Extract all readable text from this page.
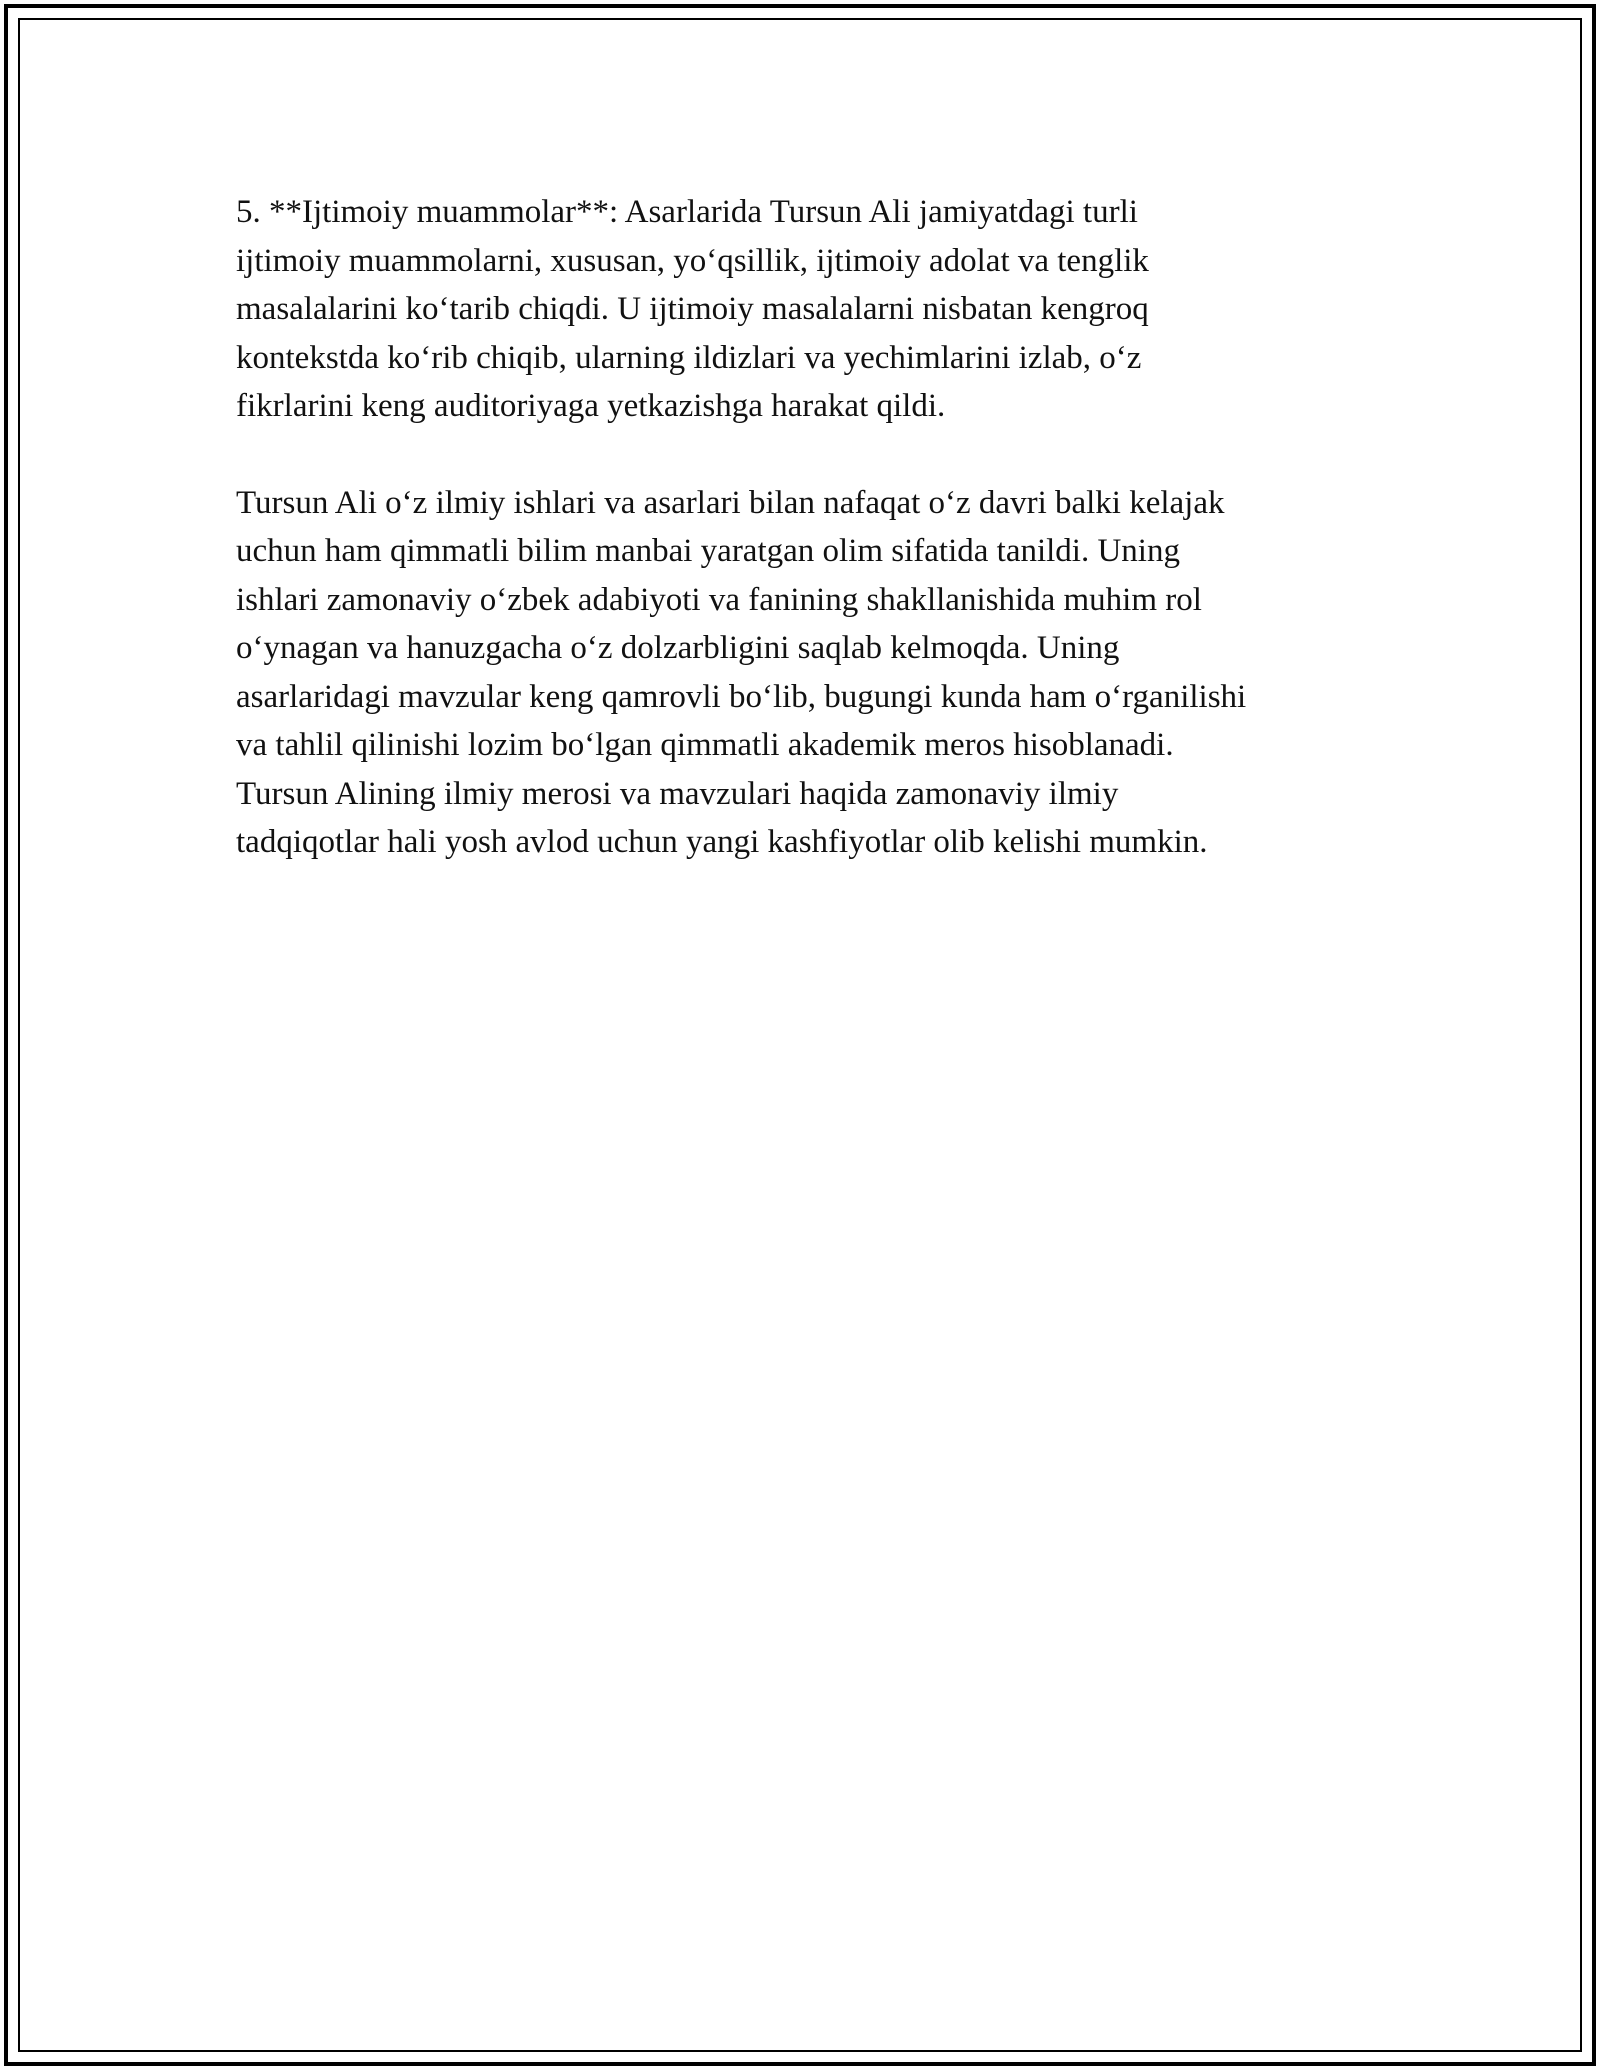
5. **Ijtimoiy muammolar**: Asarlarida Tursun Ali jamiyatdagi turli
ijtimoiy muammolarni, xususan, yo‘qsillik, ijtimoiy adolat va tenglik
masalalarini ko‘tarib chiqdi. U ijtimoiy masalalarni nisbatan kengroq
kontekstda ko‘rib chiqib, ularning ildizlari va yechimlarini izlab, o‘z
fikrlarini keng auditoriyaga yetkazishga harakat qildi.

Tursun Ali o‘z ilmiy ishlari va asarlari bilan nafaqat o‘z davri balki kelajak
uchun ham qimmatli bilim manbai yaratgan olim sifatida tanildi. Uning
ishlari zamonaviy o‘zbek adabiyoti va fanining shakllanishida muhim rol
o‘ynagan va hanuzgacha o‘z dolzarbligini saqlab kelmoqda. Uning
asarlaridagi mavzular keng qamrovli bo‘lib, bugungi kunda ham o‘rganilishi
va tahlil qilinishi lozim bo‘lgan qimmatli akademik meros hisoblanadi.
Tursun Alining ilmiy merosi va mavzulari haqida zamonaviy ilmiy
tadqiqotlar hali yosh avlod uchun yangi kashfiyotlar olib kelishi mumkin.
